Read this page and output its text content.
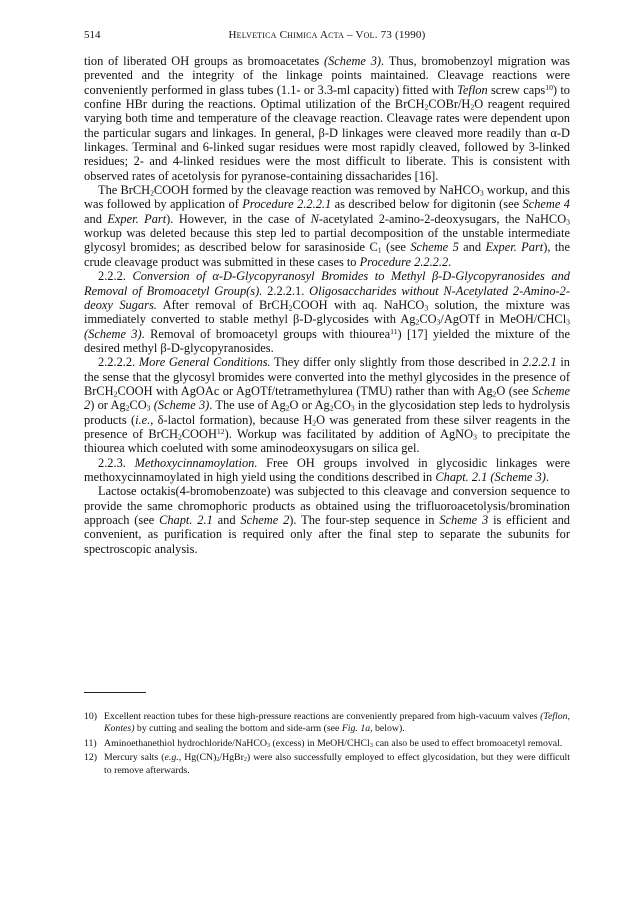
514	Helvetica Chimica Acta – Vol. 73 (1990)

tion of liberated OH groups as bromoacetates (Scheme 3). Thus, bromobenzoyl migration was prevented and the integrity of the linkage points maintained. Cleavage reactions were conveniently performed in glass tubes (1.1- or 3.3-ml capacity) fitted with Teflon screw caps$^{10}$) to confine HBr during the reactions. Optimal utilization of the $BrCH_2COBr/H_2O$ reagent required varying both time and temperature of the cleavage reaction. Cleavage rates were dependent upon the particular sugars and linkages. In general, β-D linkages were cleaved more readily than α-D linkages. Terminal and 6-linked sugar residues were most rapidly cleaved, followed by 3-linked residues; 2- and 4-linked residues were the most difficult to liberate. This is consistent with observed rates of acetolysis for pyranose-containing dissacharides [16].

The BrCH$_2$COOH formed by the cleavage reaction was removed by NaHCO$_3$ workup, and this was followed by application of Procedure 2.2.2.1 as described below for digitonin (see Scheme 4 and Exper. Part). However, in the case of N-acetylated 2-amino-2-deoxysugars, the NaHCO$_3$ workup was deleted because this step led to partial decomposition of the unstable intermediate glycosyl bromides; as described below for sarasinoside $C_1$ (see Scheme 5 and Exper. Part), the crude cleavage product was submitted in these cases to Procedure 2.2.2.2.

2.2.2. Conversion of α-D-Glycopyranosyl Bromides to Methyl β-D-Glycopyranosides and Removal of Bromoacetyl Group(s). 2.2.2.1. Oligosaccharides without N-Acetylated 2-Amino-2-deoxy Sugars. After removal of BrCH$_2$COOH with aq. NaHCO$_3$ solution, the mixture was immediately converted to stable methyl β-D-glycosides with $Ag_2CO_3$/AgOTf in MeOH/CHCl$_3$ (Scheme 3). Removal of bromoacetyl groups with thiourea$^{11}$) [17] yielded the mixture of the desired methyl β-D-glycopyranosides.

2.2.2.2. More General Conditions. They differ only slightly from those described in 2.2.2.1 in the sense that the glycosyl bromides were converted into the methyl glycosides in the presence of BrCH$_2$COOH with AgOAc or AgOTf/tetramethylurea (TMU) rather than with $Ag_2O$ (see Scheme 2) or $Ag_2CO_3$ (Scheme 3). The use of $Ag_2O$ or $Ag_2CO_3$ in the glycosidation step leds to hydrolysis products (i.e., δ-lactol formation), because $H_2O$ was generated from these silver reagents in the presence of $BrCH_2COOH^{12}$). Workup was facilitated by addition of AgNO$_3$ to precipitate the thiourea which coeluted with some aminodeoxysugars on silica gel.

2.2.3. Methoxycinnamoylation. Free OH groups involved in glycosidic linkages were methoxycinnamoylated in high yield using the conditions described in Chapt. 2.1 (Scheme 3).

Lactose octakis(4-bromobenzoate) was subjected to this cleavage and conversion sequence to provide the same chromophoric products as obtained using the trifluoroacetolysis/bromination approach (see Chapt. 2.1 and Scheme 2). The four-step sequence in Scheme 3 is efficient and convenient, as purification is required only after the final step to separate the subunits for spectroscopic analysis.

10) Excellent reaction tubes for these high-pressure reactions are conveniently prepared from high-vacuum valves (Teflon, Kontes) by cutting and sealing the bottom and side-arm (see Fig. 1a, below).
11) Aminoethanethiol hydrochloride/NaHCO$_3$ (excess) in MeOH/CHCl$_3$ can also be used to effect bromoacetyl removal.
12) Mercury salts (e.g., $Hg(CN)_2/HgBr_2$) were also successfully employed to effect glycosidation, but they were difficult to remove afterwards.
